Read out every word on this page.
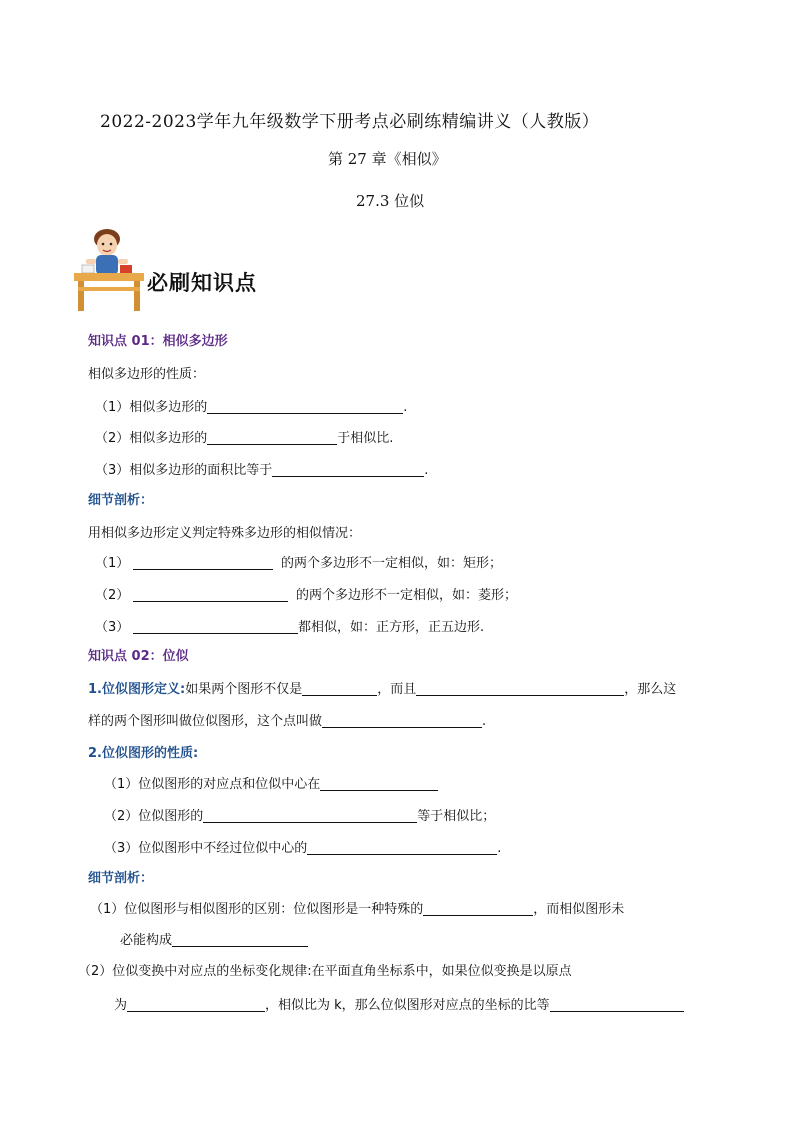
2022-2023学年九年级数学下册考点必刷练精编讲义（人教版）
第 27 章《相似》
27.3 位似
必刷知识点
知识点 01：相似多边形
相似多边形的性质：
（1）相似多边形的	.
（2）相似多边形的	于相似比.
（3）相似多边形的面积比等于	.
细节剖析：
用相似多边形定义判定特殊多边形的相似情况：
（1）	的两个多边形不一定相似，如：矩形；
（2）	的两个多边形不一定相似，如：菱形；
（3）	都相似，如：正方形，正五边形.
知识点 02：位似
1.位似图形定义:如果两个图形不仅是	，而且	，那么这
样的两个图形叫做位似图形，这个点叫做	.
2.位似图形的性质:
（1）位似图形的对应点和位似中心在
（2）位似图形的	等于相似比；
（3）位似图形中不经过位似中心的	.
细节剖析：
（1）位似图形与相似图形的区别：位似图形是一种特殊的	，而相似图形未
必能构成
（2）位似变换中对应点的坐标变化规律:在平面直角坐标系中，如果位似变换是以原点
为	，相似比为 k，那么位似图形对应点的坐标的比等
